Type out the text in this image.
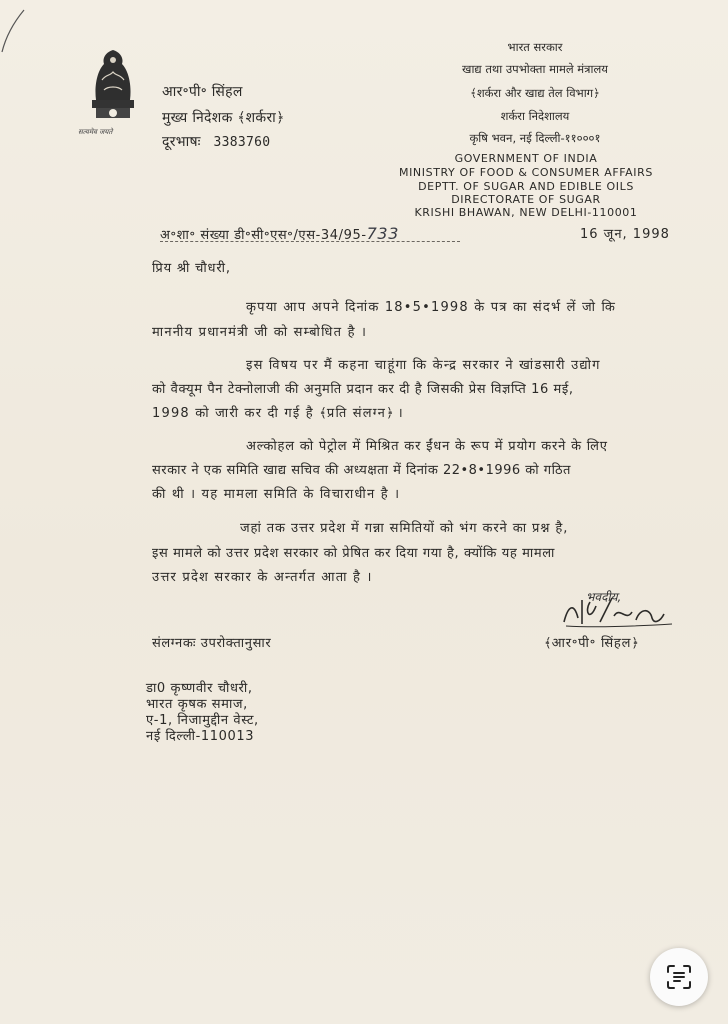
सत्यमेव जयते
आर॰पी॰ सिंहल
मुख्य निदेशक ﴾शर्करा﴿
दूरभाषः 3383760
भारत सरकार
खाद्य तथा उपभोक्ता मामले मंत्रालय
﴾शर्करा और खाद्य तेल विभाग﴿
शर्करा निदेशालय
कृषि भवन, नई दिल्ली-११०००१
GOVERNMENT OF INDIA
MINISTRY OF FOOD & CONSUMER AFFAIRS
DEPTT. OF SUGAR AND EDIBLE OILS
DIRECTORATE OF SUGAR
KRISHI BHAWAN, NEW DELHI-110001
अ॰शा॰ संख्या डी॰सी॰एस॰/एस-34/95-733	16 जून, 1998
प्रिय श्री चौधरी,
कृपया आप अपने दिनांक 18•5•1998 के पत्र का संदर्भ लें जो कि
माननीय प्रधानमंत्री जी को सम्बोधित है ।
इस विषय पर मैं कहना चाहूंगा कि केन्द्र सरकार ने खांडसारी उद्योग
को वैक्यूम पैन टेक्नोलाजी की अनुमति प्रदान कर दी है जिसकी प्रेस विज्ञप्ति 16 मई,
1998 को जारी कर दी गई है ﴾प्रति संलग्न﴿ ।
अल्कोहल को पेट्रोल में मिश्रित कर ईंधन के रूप में प्रयोग करने के लिए
सरकार ने एक समिति खाद्य सचिव की अध्यक्षता में दिनांक 22•8•1996 को गठित
की थी । यह मामला समिति के विचाराधीन है ।
जहां तक उत्तर प्रदेश में गन्ना समितियों को भंग करने का प्रश्न है,
इस मामले को उत्तर प्रदेश सरकार को प्रेषित कर दिया गया है, क्योंकि यह मामला
उत्तर प्रदेश सरकार के अन्तर्गत आता है ।
भवदीय,
﴾आर॰पी॰ सिंहल﴿
संलग्नकः उपरोक्तानुसार
डा0 कृष्णवीर चौधरी,
भारत कृषक समाज,
ए-1, निजामुद्दीन वेस्ट,
नई दिल्ली-110013
